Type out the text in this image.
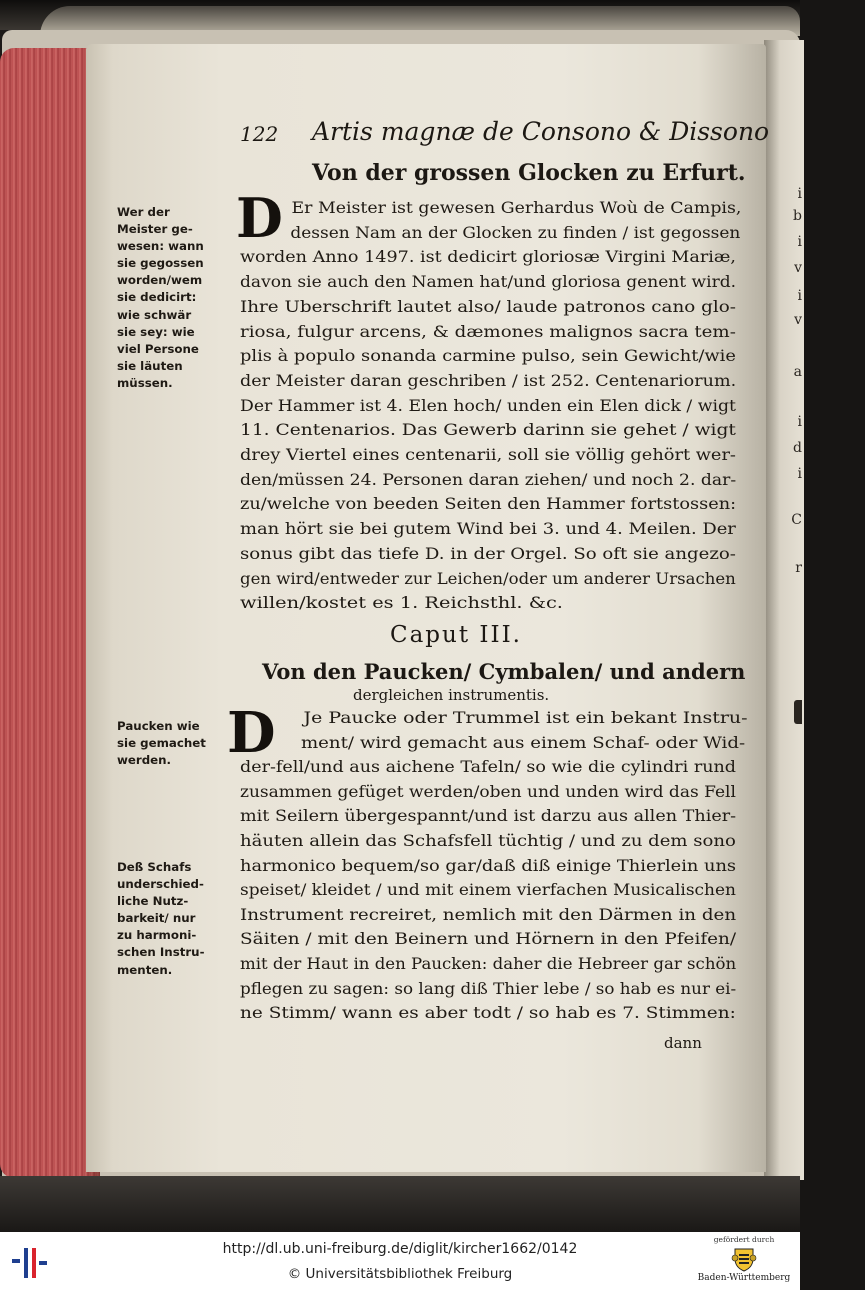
i
b
i
v
i
v
a
i
d
i
C
r
122 Artis magnæ de Consono & Dissono
Von der grossen Glocken zu Erfurt.
D Er Meister ist gewesen Gerhardus Woù de Campis,
dessen Nam an der Glocken zu finden / ist gegossen
worden Anno 1497. ist dedicirt gloriosæ Virgini Mariæ,
davon sie auch den Namen hat/und gloriosa genent wird.
Ihre Uberschrift lautet also/ laude patronos cano glo-
riosa, fulgur arcens, & dæmones malignos sacra tem-
plis à populo sonanda carmine pulso, sein Gewicht/wie
der Meister daran geschriben / ist 252. Centenariorum.
Der Hammer ist 4. Elen hoch/ unden ein Elen dick / wigt
11. Centenarios. Das Gewerb darinn sie gehet / wigt
drey Viertel eines centenarii, soll sie völlig gehört wer-
den/müssen 24. Personen daran ziehen/ und noch 2. dar-
zu/welche von beeden Seiten den Hammer fortstossen:
man hört sie bei gutem Wind bei 3. und 4. Meilen. Der
sonus gibt das tiefe D. in der Orgel. So oft sie angezo-
gen wird/entweder zur Leichen/oder um anderer Ursachen
willen/kostet es 1. Reichsthl. &c.
Caput III.
Von den Paucken/ Cymbalen/ und andern
dergleichen instrumentis.
D	Je Paucke oder Trummel ist ein bekant Instru-
ment/ wird gemacht aus einem Schaf- oder Wid-
der-fell/und aus aichene Tafeln/ so wie die cylindri rund
zusammen gefüget werden/oben und unden wird das Fell
mit Seilern übergespannt/und ist darzu aus allen Thier-
häuten allein das Schafsfell tüchtig / und zu dem sono
harmonico bequem/so gar/daß diß einige Thierlein uns
speiset/ kleidet / und mit einem vierfachen Musicalischen
Instrument recreiret, nemlich mit den Därmen in den
Säiten / mit den Beinern und Hörnern in den Pfeifen/
mit der Haut in den Paucken: daher die Hebreer gar schön
pflegen zu sagen: so lang diß Thier lebe / so hab es nur ei-
ne Stimm/ wann es aber todt / so hab es 7. Stimmen:
dann
Wer der
Meister ge-
wesen: wann
sie gegossen
worden/wem
sie dedicirt:
wie schwär
sie sey: wie
viel Persone
sie läuten
müssen.
Paucken wie
sie gemachet
werden.
Deß Schafs
underschied-
liche Nutz-
barkeit/ nur
zu harmoni-
schen Instru-
menten.
http://dl.ub.uni-freiburg.de/diglit/kircher1662/0142
© Universitätsbibliothek Freiburg
gefördert durch
Baden-Württemberg
